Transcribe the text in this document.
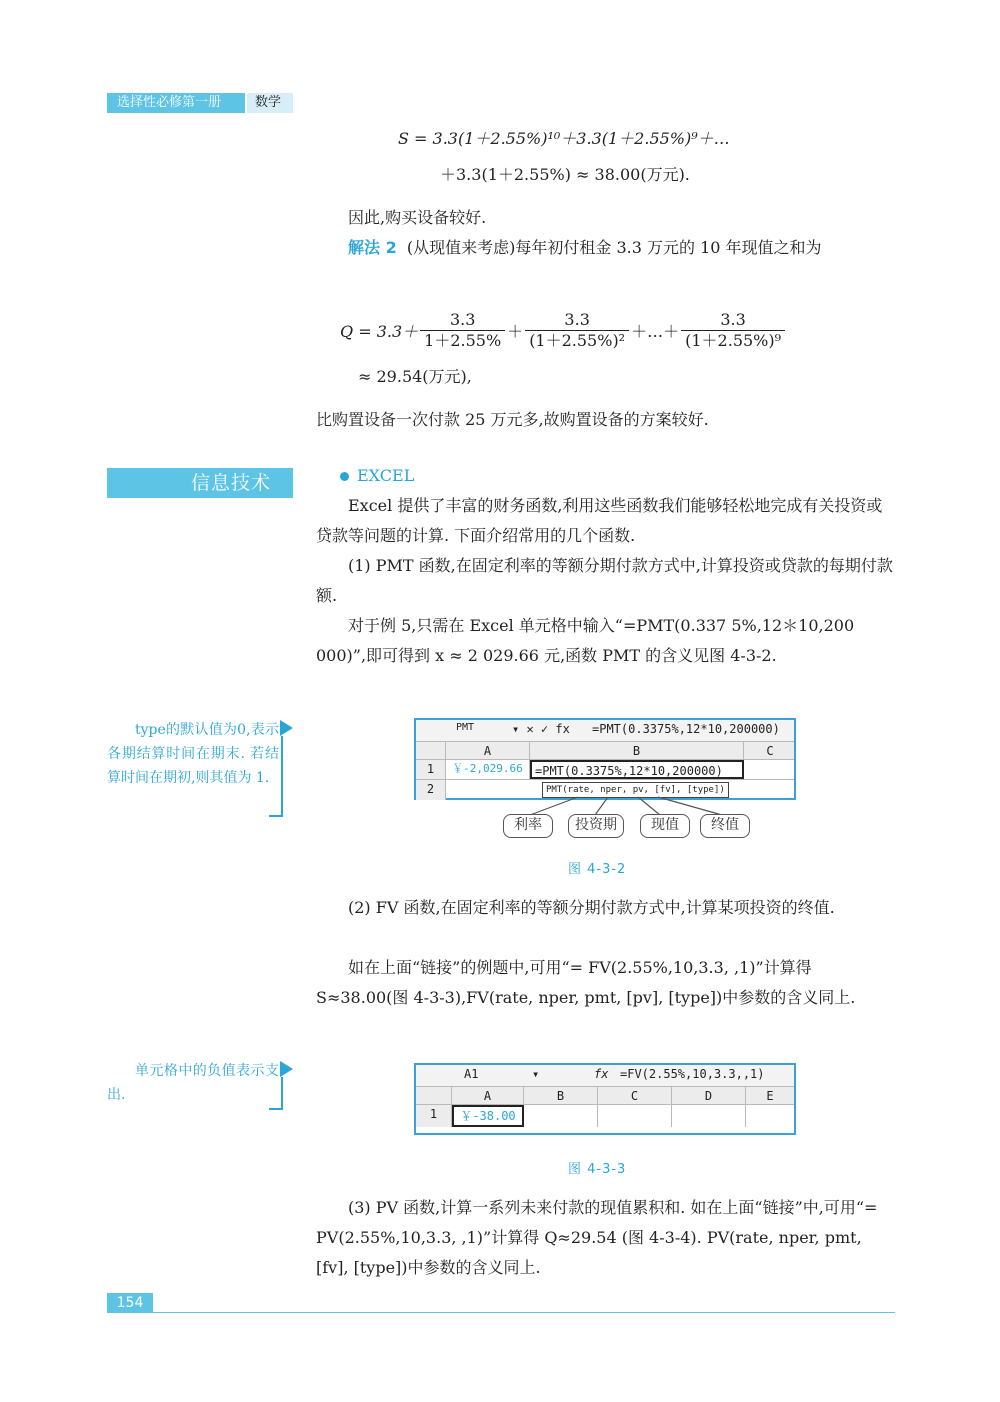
选择性必修第一册	数学
S = 3.3(1＋2.55%)¹⁰＋3.3(1＋2.55%)⁹＋…
＋3.3(1＋2.55%) ≈ 38.00(万元).

因此,购买设备较好.

解法 2 (从现值来考虑)每年初付租金 3.3 万元的 10 年现值之和为

$Q = 3.3+ \frac{3.3}{1+2.55\%} + \frac{3.3}{\text{(1＋2.55\%)²}}$ ＋…＋ $\frac{3.3}{\text{(1＋2.55\%)⁹}}$
≈ 29.54(万元),

比购置设备一次付款 25 万元多,故购置设备的方案较好.

信息技术	EXCEL

Excel 提供了丰富的财务函数,利用这些函数我们能够轻松地完成有关投资或贷款等问题的计算. 下面介绍常用的几个函数.

(1) PMT 函数,在固定利率的等额分期付款方式中,计算投资或贷款的每期付款额.

对于例 5,只需在 Excel 单元格中输入“=PMT(0.337 5%,12＊10,200 000)”,即可得到 x ≈ 2 029.66 元,函数 PMT 的含义见图 4-3-2.

type的默认值为0,表示各期结算时间在期末. 若结算时间在期初,则其值为 1.
PMT	▾ ✕ ✓ fx =PMT(0.3375%,12*10,200000)
A	B	C
1	￥-2,029.66	=PMT(0.3375%,12*10,200000)
2	PMT(rate, nper, pv, [fv], [type])
利率	投资期	现值	终值
图 4-3-2

(2) FV 函数,在固定利率的等额分期付款方式中,计算某项投资的终值.

如在上面“链接”的例题中,可用“= FV(2.55%,10,3.3, ,1)”计算得 S≈38.00(图 4-3-3),FV(rate, nper, pmt, [pv], [type])中参数的含义同上.

单元格中的负值表示支出.
A1	▾	fx =FV(2.55%,10,3.3,,1)
A	B	C	D	E
1	￥-38.00
图 4-3-3

(3) PV 函数,计算一系列未来付款的现值累积和. 如在上面“链接”中,可用“= PV(2.55%,10,3.3, ,1)”计算得 Q≈29.54 (图 4-3-4). PV(rate, nper, pmt, [fv], [type])中参数的含义同上.

154
